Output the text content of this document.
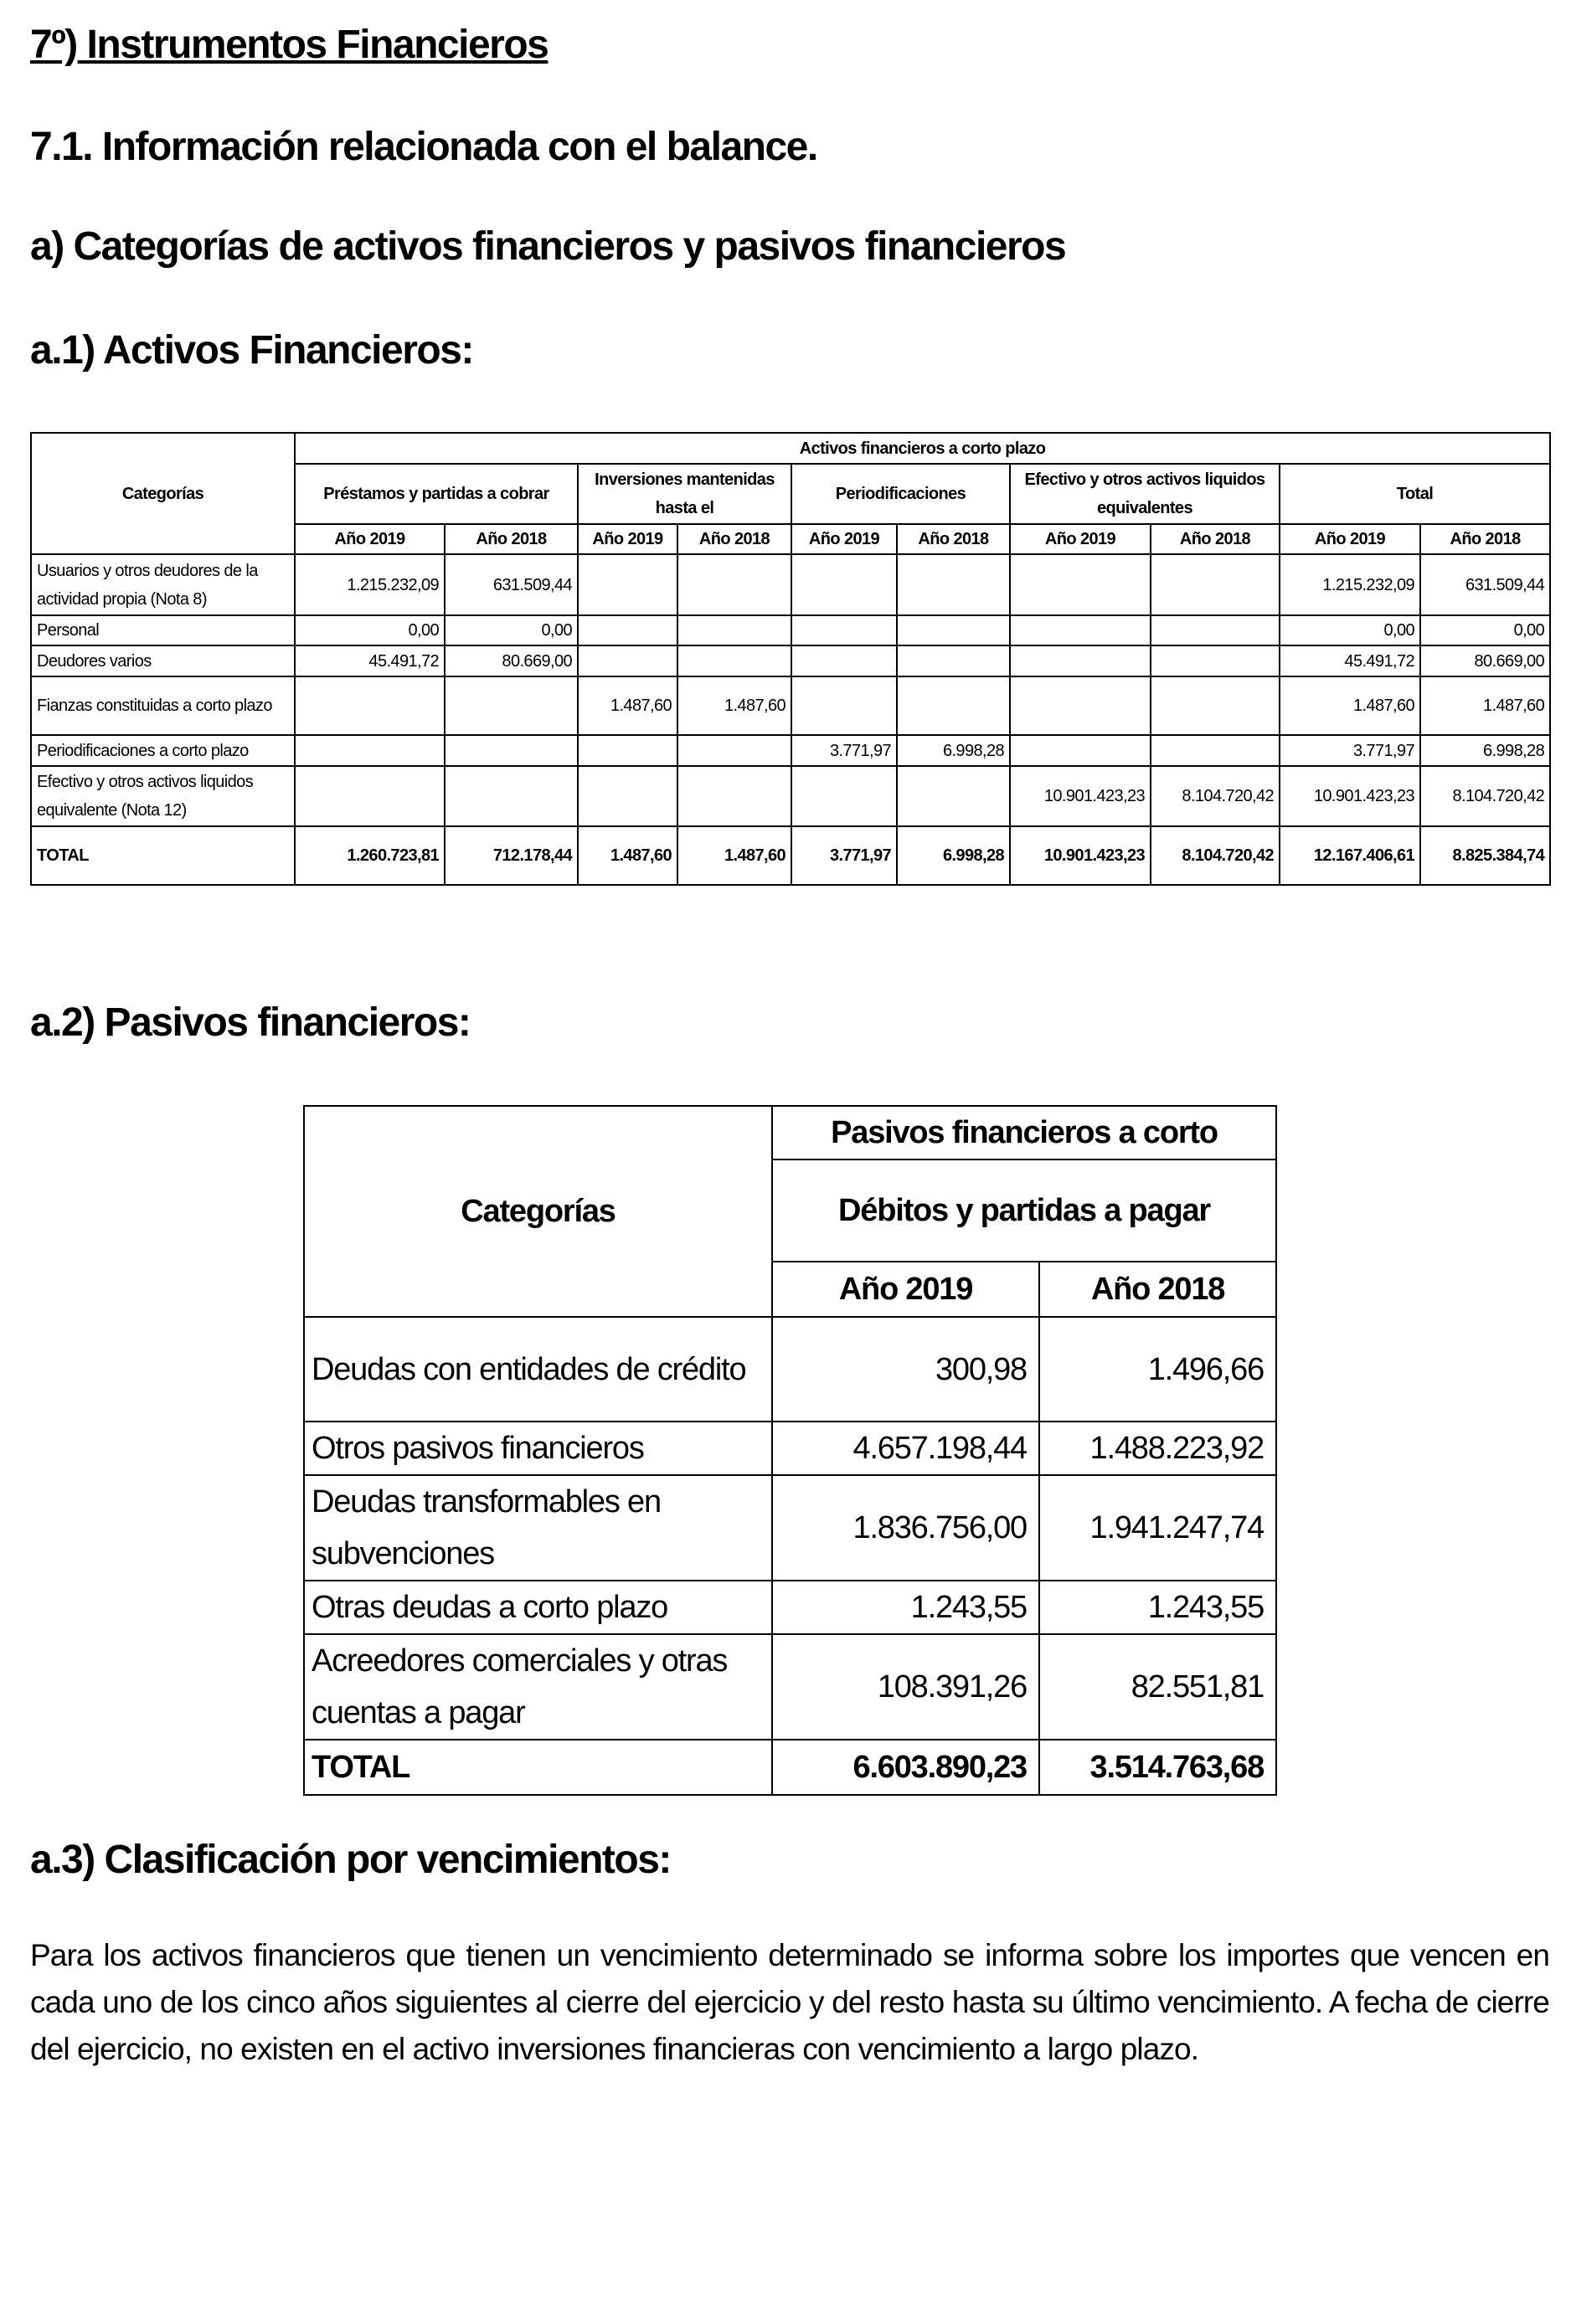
7º) Instrumentos Financieros
7.1. Información relacionada con el balance.
a) Categorías de activos financieros y pasivos financieros
a.1) Activos Financieros:
Categorías	Activos financieros a corto plazo									
	Préstamos y partidas a cobrar		Inversiones mantenidas hasta el		Periodificaciones		Efectivo y otros activos liquidos equivalentes		Total	
	Año 2019	Año 2018	Año 2019	Año 2018	Año 2019	Año 2018	Año 2019	Año 2018	Año 2019	Año 2018
Usuarios y otros deudores de la actividad propia (Nota 8)	1.215.232,09	631.509,44							1.215.232,09	631.509,44
Personal	0,00	0,00							0,00	0,00
Deudores varios	45.491,72	80.669,00							45.491,72	80.669,00
Fianzas constituidas a corto plazo			1.487,60	1.487,60					1.487,60	1.487,60
Periodificaciones a corto plazo					3.771,97	6.998,28			3.771,97	6.998,28
Efectivo y otros activos liquidos equivalente (Nota 12)							10.901.423,23	8.104.720,42	10.901.423,23	8.104.720,42
TOTAL	1.260.723,81	712.178,44	1.487,60	1.487,60	3.771,97	6.998,28	10.901.423,23	8.104.720,42	12.167.406,61	8.825.384,74
a.2) Pasivos financieros:
Categorías	Pasivos financieros a corto	
	Débitos y partidas a pagar	
	Año 2019	Año 2018
Deudas con entidades de crédito	300,98	1.496,66
Otros pasivos financieros	4.657.198,44	1.488.223,92
Deudas transformables en subvenciones	1.836.756,00	1.941.247,74
Otras deudas a corto plazo	1.243,55	1.243,55
Acreedores comerciales y otras cuentas a pagar	108.391,26	82.551,81
TOTAL	6.603.890,23	3.514.763,68
a.3) Clasificación por vencimientos:

Para los activos financieros que tienen un vencimiento determinado se informa sobre los importes que vencen en cada uno de los cinco años siguientes al cierre del ejercicio y del resto hasta su último vencimiento. A fecha de cierre del ejercicio, no existen en el activo inversiones financieras con vencimiento a largo plazo.
